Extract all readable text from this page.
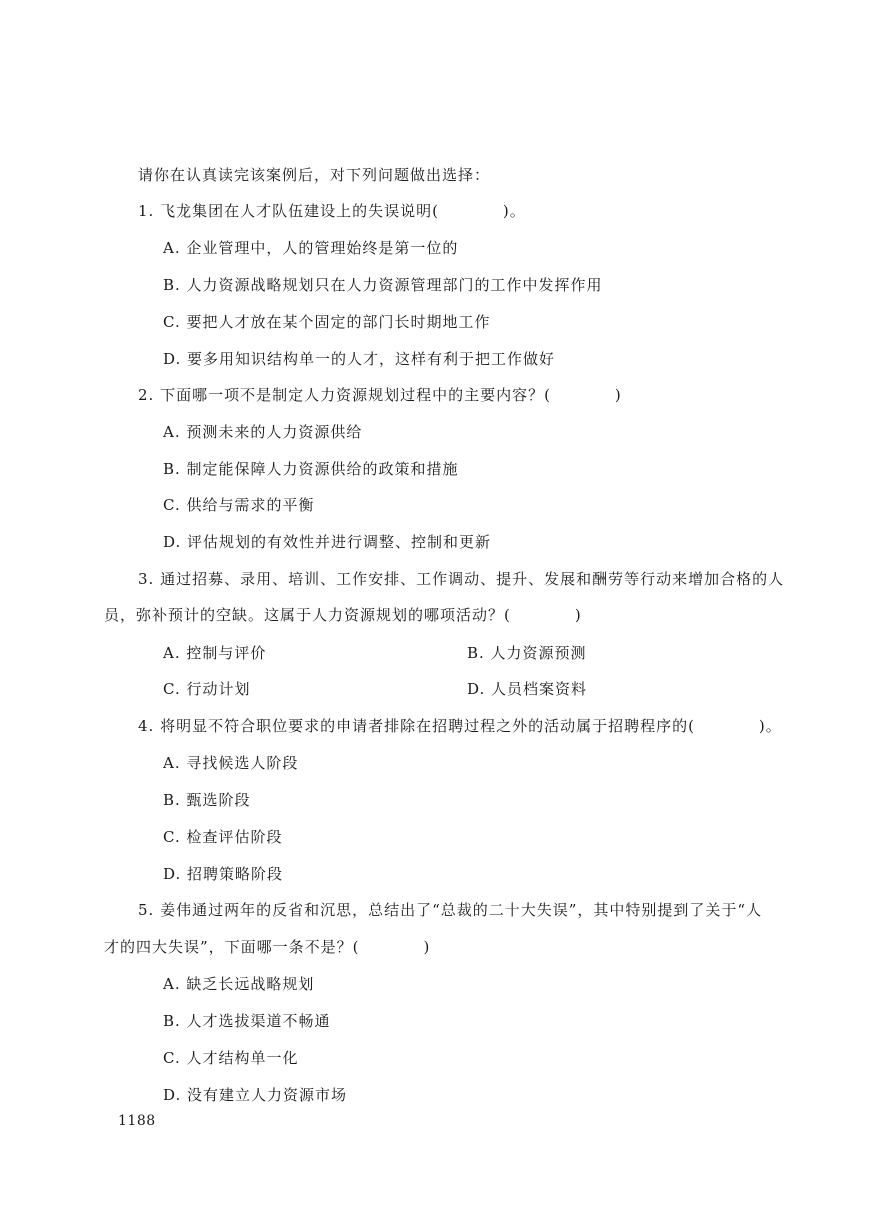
请你在认真读完该案例后，对下列问题做出选择：
1. 飞龙集团在人才队伍建设上的失误说明(　　　　)。
A. 企业管理中，人的管理始终是第一位的
B. 人力资源战略规划只在人力资源管理部门的工作中发挥作用
C. 要把人才放在某个固定的部门长时期地工作
D. 要多用知识结构单一的人才，这样有利于把工作做好
2. 下面哪一项不是制定人力资源规划过程中的主要内容？(　　　　)
A. 预测未来的人力资源供给
B. 制定能保障人力资源供给的政策和措施
C. 供给与需求的平衡
D. 评估规划的有效性并进行调整、控制和更新
3. 通过招募、录用、培训、工作安排、工作调动、提升、发展和酬劳等行动来增加合格的人
员，弥补预计的空缺。这属于人力资源规划的哪项活动？(　　　　)
A. 控制与评价	B. 人力资源预测
C. 行动计划	D. 人员档案资料
4. 将明显不符合职位要求的申请者排除在招聘过程之外的活动属于招聘程序的(　　　　)。
A. 寻找候选人阶段
B. 甄选阶段
C. 检查评估阶段
D. 招聘策略阶段
5. 姜伟通过两年的反省和沉思，总结出了“总裁的二十大失误”，其中特别提到了关于“人
才的四大失误”，下面哪一条不是？(　　　　)
A. 缺乏长远战略规划
B. 人才选拔渠道不畅通
C. 人才结构单一化
D. 没有建立人力资源市场
1188
